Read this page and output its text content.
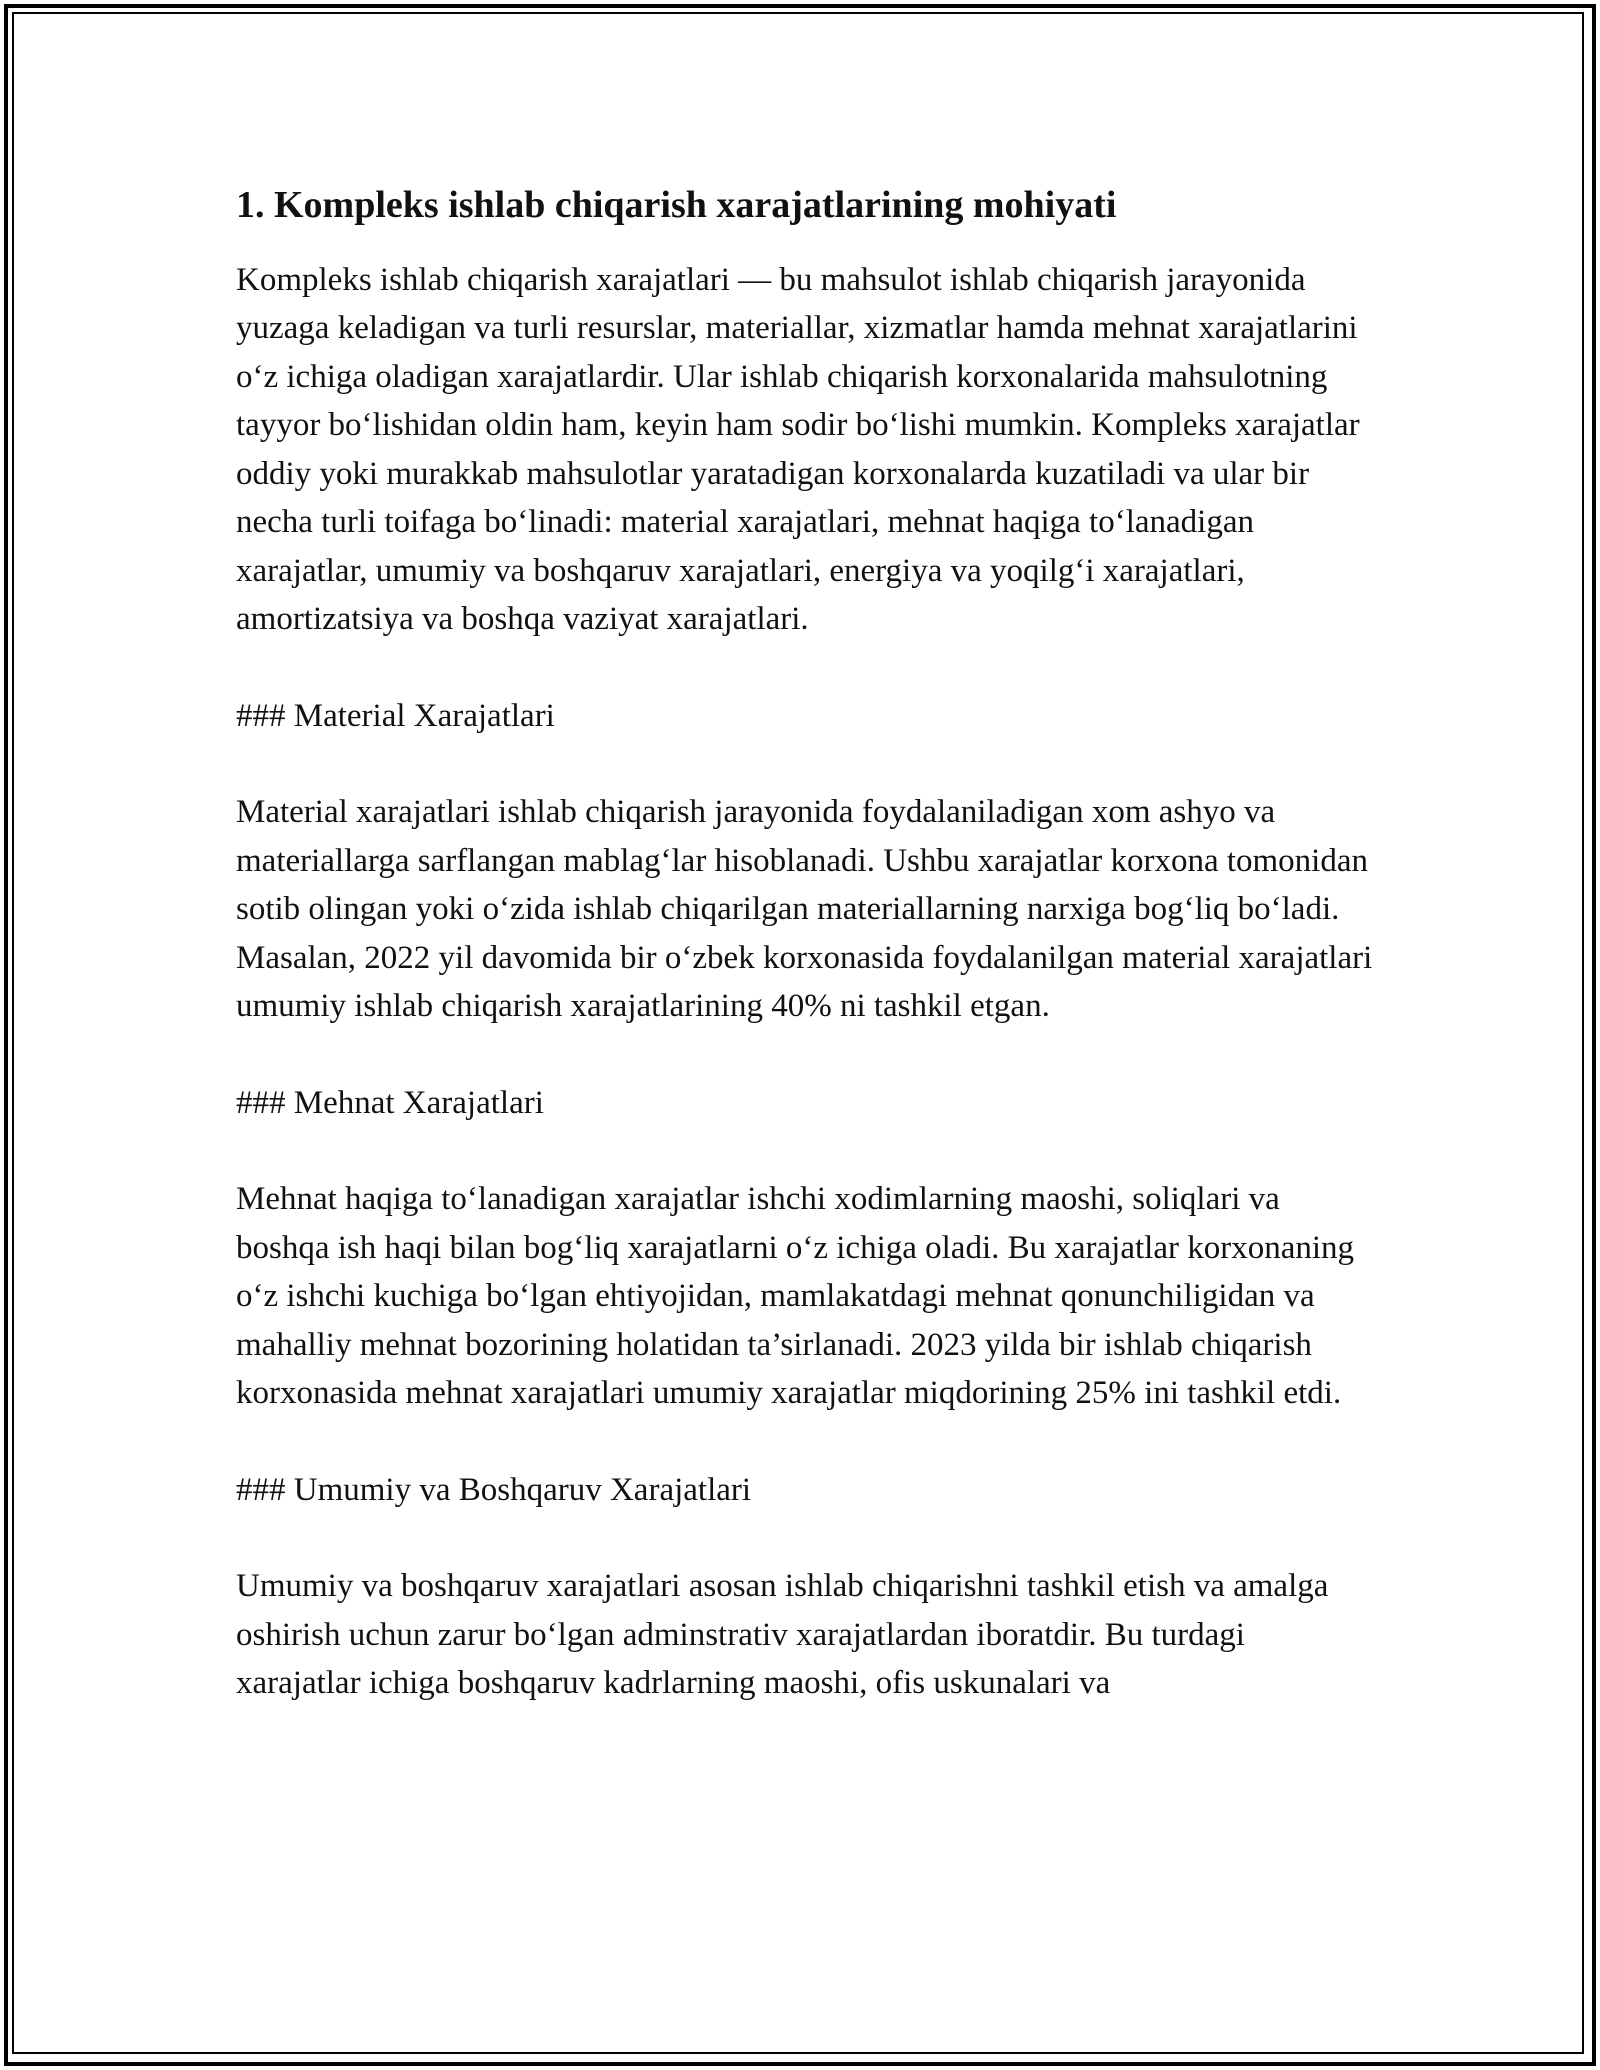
1. Kompleks ishlab chiqarish xarajatlarining mohiyati

Kompleks ishlab chiqarish xarajatlari — bu mahsulot ishlab chiqarish jarayonida yuzaga keladigan va turli resurslar, materiallar, xizmatlar hamda mehnat xarajatlarini o‘z ichiga oladigan xarajatlardir. Ular ishlab chiqarish korxonalarida mahsulotning tayyor bo‘lishidan oldin ham, keyin ham sodir bo‘lishi mumkin. Kompleks xarajatlar oddiy yoki murakkab mahsulotlar yaratadigan korxonalarda kuzatiladi va ular bir necha turli toifaga bo‘linadi: material xarajatlari, mehnat haqiga to‘lanadigan xarajatlar, umumiy va boshqaruv xarajatlari, energiya va yoqilg‘i xarajatlari, amortizatsiya va boshqa vaziyat xarajatlari.

### Material Xarajatlari

Material xarajatlari ishlab chiqarish jarayonida foydalaniladigan xom ashyo va materiallarga sarflangan mablag‘lar hisoblanadi. Ushbu xarajatlar korxona tomonidan sotib olingan yoki o‘zida ishlab chiqarilgan materiallarning narxiga bog‘liq bo‘ladi. Masalan, 2022 yil davomida bir o‘zbek korxonasida foydalanilgan material xarajatlari umumiy ishlab chiqarish xarajatlarining 40% ni tashkil etgan.

### Mehnat Xarajatlari

Mehnat haqiga to‘lanadigan xarajatlar ishchi xodimlarning maoshi, soliqlari va boshqa ish haqi bilan bog‘liq xarajatlarni o‘z ichiga oladi. Bu xarajatlar korxonaning o‘z ishchi kuchiga bo‘lgan ehtiyojidan, mamlakatdagi mehnat qonunchiligidan va mahalliy mehnat bozorining holatidan ta’sirlanadi. 2023 yilda bir ishlab chiqarish korxonasida mehnat xarajatlari umumiy xarajatlar miqdorining 25% ini tashkil etdi.

### Umumiy va Boshqaruv Xarajatlari

Umumiy va boshqaruv xarajatlari asosan ishlab chiqarishni tashkil etish va amalga oshirish uchun zarur bo‘lgan adminstrativ xarajatlardan iboratdir. Bu turdagi xarajatlar ichiga boshqaruv kadrlarning maoshi, ofis uskunalari va
